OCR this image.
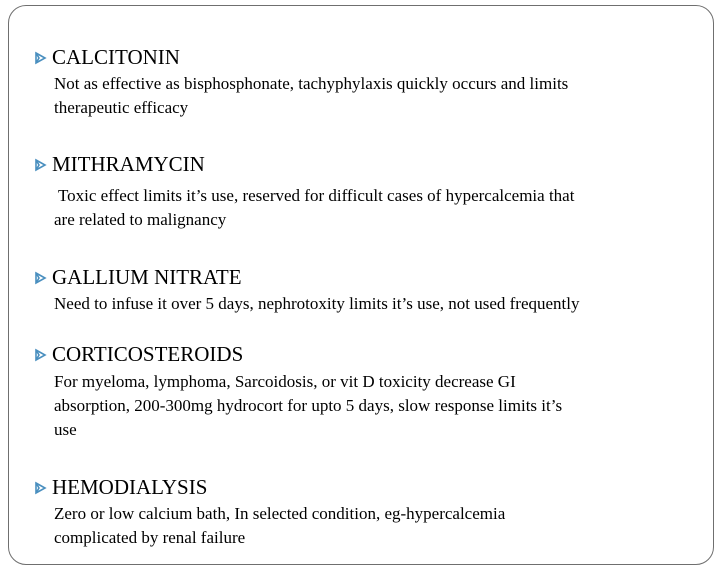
CALCITONIN
Not as effective as bisphosphonate, tachyphylaxis quickly occurs and limits
therapeutic efficacy
MITHRAMYCIN
Toxic effect limits it’s use, reserved for difficult cases of hypercalcemia that
are related to malignancy
GALLIUM NITRATE
Need to infuse it over 5 days, nephrotoxity limits it’s use, not used frequently
CORTICOSTEROIDS
For myeloma, lymphoma, Sarcoidosis, or vit D toxicity decrease GI
absorption, 200-300mg hydrocort for upto 5 days, slow response limits it’s
use
HEMODIALYSIS
Zero or low calcium bath, In selected condition, eg-hypercalcemia
complicated by renal failure
